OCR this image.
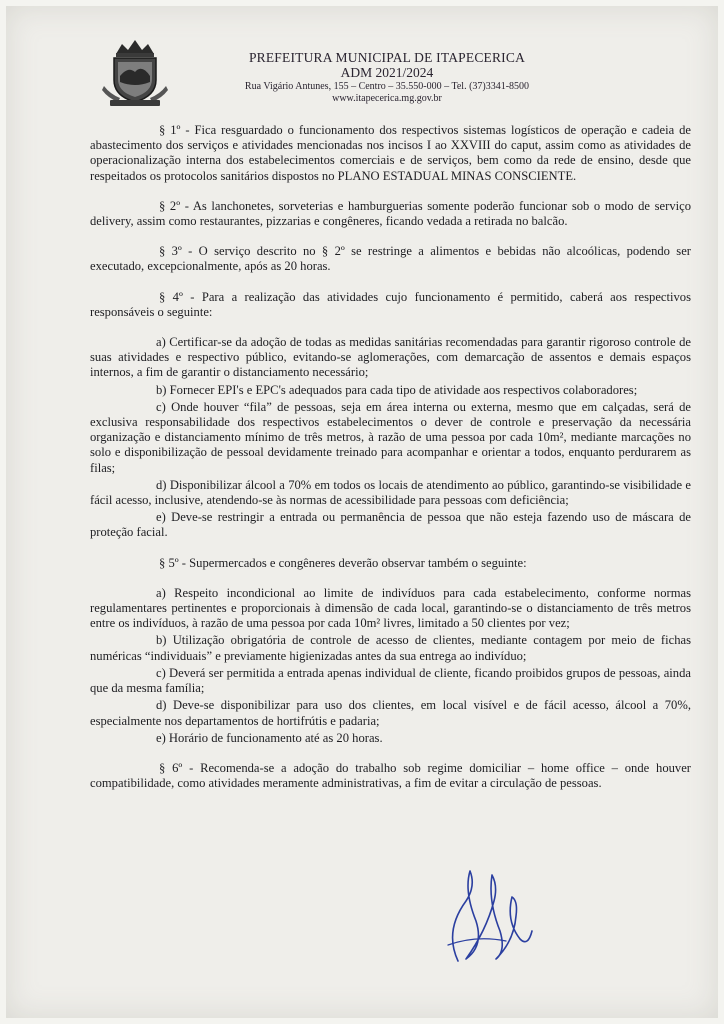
PREFEITURA MUNICIPAL DE ITAPECERICA
ADM 2021/2024
Rua Vigário Antunes, 155 – Centro – 35.550-000 – Tel. (37)3341-8500
www.itapecerica.mg.gov.br

§ 1º - Fica resguardado o funcionamento dos respectivos sistemas logísticos de operação e cadeia de abastecimento dos serviços e atividades mencionadas nos incisos I ao XXVIII do caput, assim como as atividades de operacionalização interna dos estabelecimentos comerciais e de serviços, bem como da rede de ensino, desde que respeitados os protocolos sanitários dispostos no PLANO ESTADUAL MINAS CONSCIENTE.

§ 2º - As lanchonetes, sorveterias e hamburguerias somente poderão funcionar sob o modo de serviço delivery, assim como restaurantes, pizzarias e congêneres, ficando vedada a retirada no balcão.

§ 3º - O serviço descrito no § 2º se restringe a alimentos e bebidas não alcoólicas, podendo ser executado, excepcionalmente, após as 20 horas.

§ 4º - Para a realização das atividades cujo funcionamento é permitido, caberá aos respectivos responsáveis o seguinte:

a) Certificar-se da adoção de todas as medidas sanitárias recomendadas para garantir rigoroso controle de suas atividades e respectivo público, evitando-se aglomerações, com demarcação de assentos e demais espaços internos, a fim de garantir o distanciamento necessário;

b) Fornecer EPI's e EPC's adequados para cada tipo de atividade aos respectivos colaboradores;

c) Onde houver “fila” de pessoas, seja em área interna ou externa, mesmo que em calçadas, será de exclusiva responsabilidade dos respectivos estabelecimentos o dever de controle e preservação da necessária organização e distanciamento mínimo de três metros, à razão de uma pessoa por cada 10m², mediante marcações no solo e disponibilização de pessoal devidamente treinado para acompanhar e orientar a todos, enquanto perdurarem as filas;

d) Disponibilizar álcool a 70% em todos os locais de atendimento ao público, garantindo-se visibilidade e fácil acesso, inclusive, atendendo-se às normas de acessibilidade para pessoas com deficiência;

e) Deve-se restringir a entrada ou permanência de pessoa que não esteja fazendo uso de máscara de proteção facial.

§ 5º - Supermercados e congêneres deverão observar também o seguinte:

a) Respeito incondicional ao limite de indivíduos para cada estabelecimento, conforme normas regulamentares pertinentes e proporcionais à dimensão de cada local, garantindo-se o distanciamento de três metros entre os indivíduos, à razão de uma pessoa por cada 10m² livres, limitado a 50 clientes por vez;

b) Utilização obrigatória de controle de acesso de clientes, mediante contagem por meio de fichas numéricas “individuais” e previamente higienizadas antes da sua entrega ao indivíduo;

c) Deverá ser permitida a entrada apenas individual de cliente, ficando proibidos grupos de pessoas, ainda que da mesma família;

d) Deve-se disponibilizar para uso dos clientes, em local visível e de fácil acesso, álcool a 70%, especialmente nos departamentos de hortifrútis e padaria;

e) Horário de funcionamento até as 20 horas.

§ 6º - Recomenda-se a adoção do trabalho sob regime domiciliar – home office – onde houver compatibilidade, como atividades meramente administrativas, a fim de evitar a circulação de pessoas.
